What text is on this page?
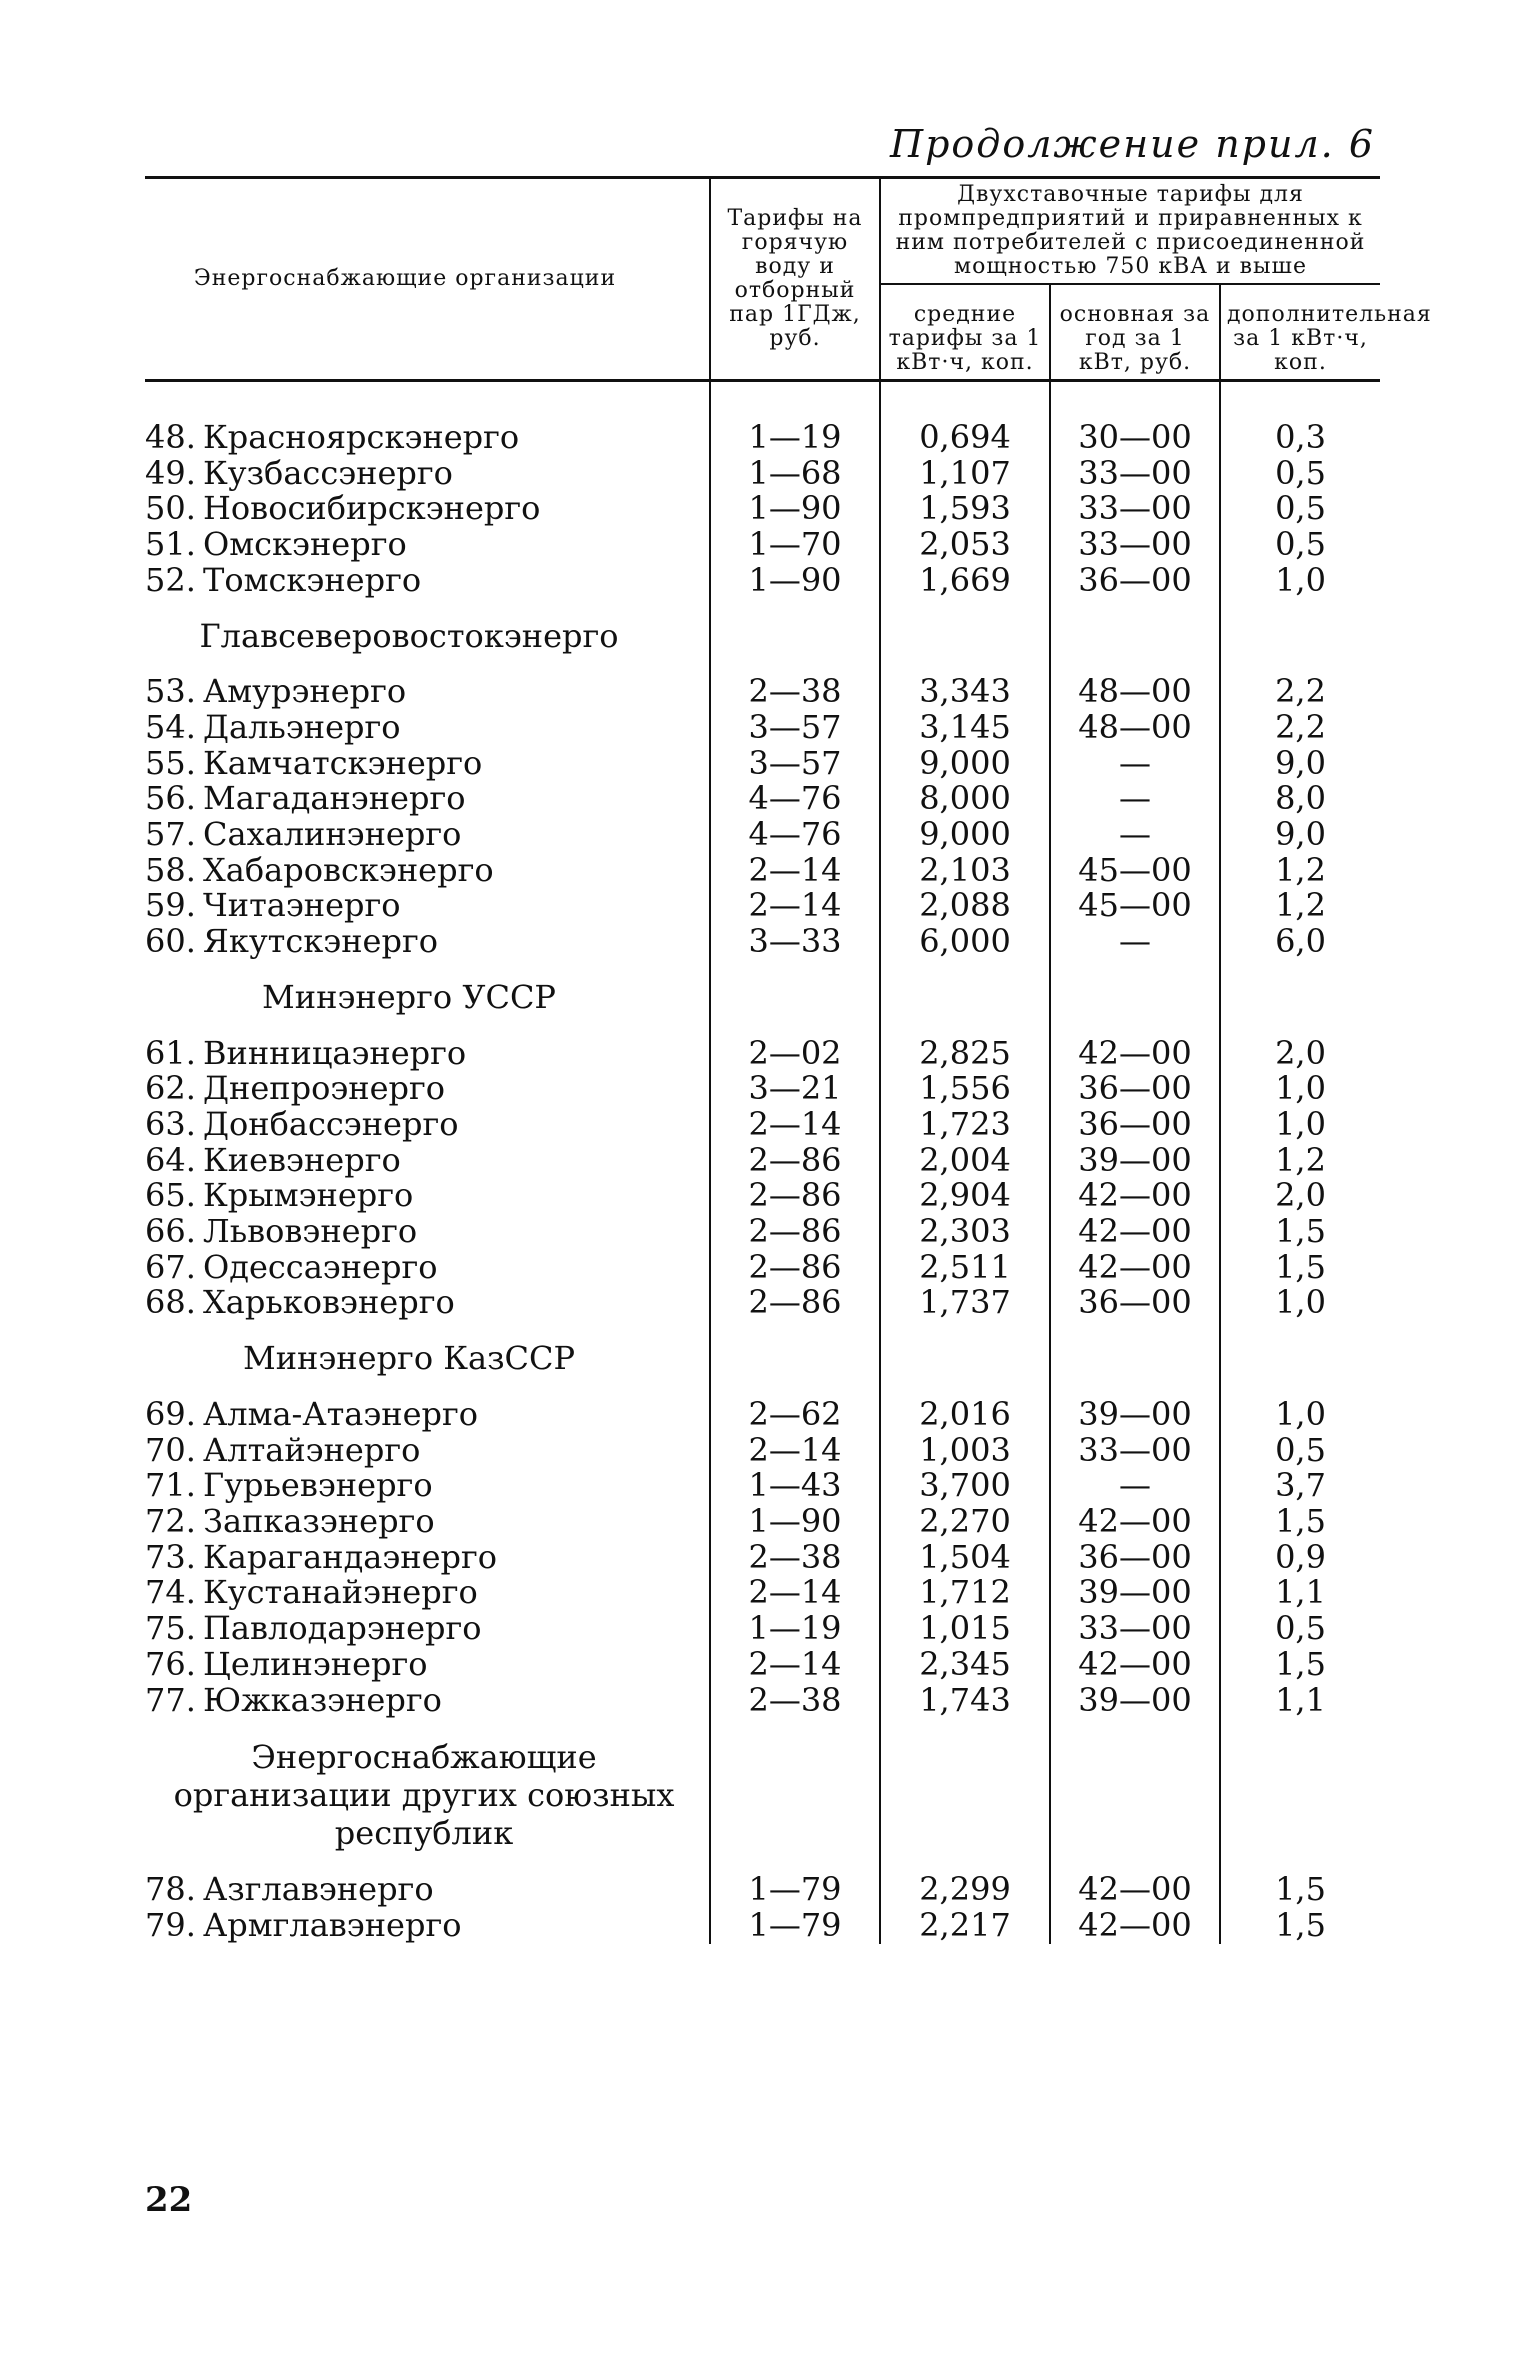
Продолжение прил. 6
Энергоснабжающие организации	Тарифы на горячую воду и отборный пар 1ГДж, руб.	Двухставочные тарифы для промпредприятий и приравненных к ним потребителей с присоединенной мощностью 750 кВА и выше		
		средние тарифы за 1 кВт·ч, коп.	основная за год за 1 кВт, руб.	дополнительная за 1 кВт·ч, коп.

48. Красноярскэнерго	1—19	0,694	30—00	0,3
49. Кузбассэнерго	1—68	1,107	33—00	0,5
50. Новосибирскэнерго	1—90	1,593	33—00	0,5
51. Омскэнерго	1—70	2,053	33—00	0,5
52. Томскэнерго	1—90	1,669	36—00	1,0
Главсеверовостокэнерго				
53. Амурэнерго	2—38	3,343	48—00	2,2
54. Дальэнерго	3—57	3,145	48—00	2,2
55. Камчатскэнерго	3—57	9,000	—	9,0
56. Магаданэнерго	4—76	8,000	—	8,0
57. Сахалинэнерго	4—76	9,000	—	9,0
58. Хабаровскэнерго	2—14	2,103	45—00	1,2
59. Читаэнерго	2—14	2,088	45—00	1,2
60. Якутскэнерго	3—33	6,000	—	6,0
Минэнерго УССР				
61. Винницаэнерго	2—02	2,825	42—00	2,0
62. Днепроэнерго	3—21	1,556	36—00	1,0
63. Донбассэнерго	2—14	1,723	36—00	1,0
64. Киевэнерго	2—86	2,004	39—00	1,2
65. Крымэнерго	2—86	2,904	42—00	2,0
66. Львовэнерго	2—86	2,303	42—00	1,5
67. Одессаэнерго	2—86	2,511	42—00	1,5
68. Харьковэнерго	2—86	1,737	36—00	1,0
Минэнерго КазССР				
69. Алма-Атаэнерго	2—62	2,016	39—00	1,0
70. Алтайэнерго	2—14	1,003	33—00	0,5
71. Гурьевэнерго	1—43	3,700	—	3,7
72. Запказэнерго	1—90	2,270	42—00	1,5
73. Карагандаэнерго	2—38	1,504	36—00	0,9
74. Кустанайэнерго	2—14	1,712	39—00	1,1
75. Павлодарэнерго	1—19	1,015	33—00	0,5
76. Целинэнерго	2—14	2,345	42—00	1,5
77. Южказэнерго	2—38	1,743	39—00	1,1
Энергоснабжающие организации других союзных республик				
78. Азглавэнерго	1—79	2,299	42—00	1,5
79. Армглавэнерго	1—79	2,217	42—00	1,5
22
